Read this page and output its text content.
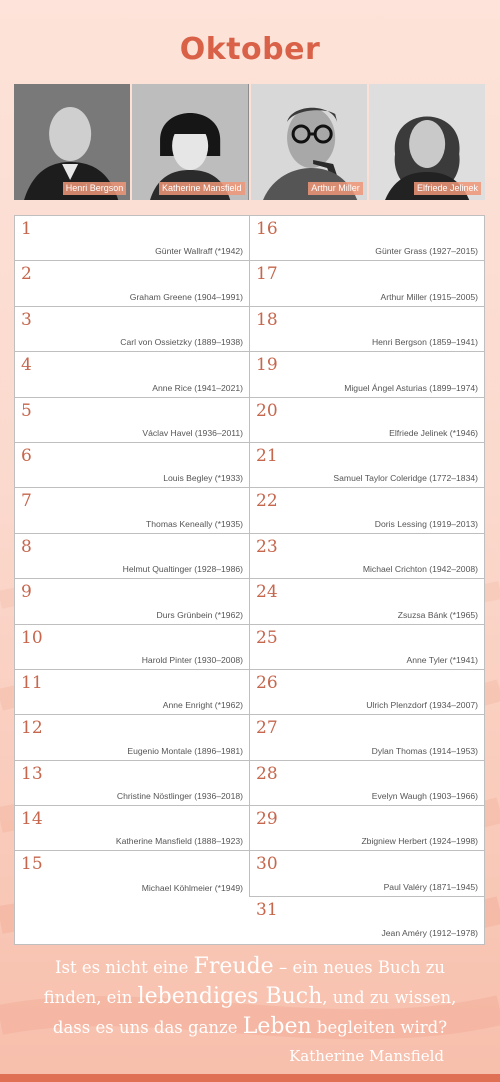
Oktober
Henri Bergson	Katherine Mansfield	Arthur Miller	Elfriede Jelinek
1
Günter Wallraff (*1942)
2
Graham Greene (1904–1991)
3
Carl von Ossietzky (1889–1938)
4
Anne Rice (1941–2021)
5
Václav Havel (1936–2011)
6
Louis Begley (*1933)
7
Thomas Keneally (*1935)
8
Helmut Qualtinger (1928–1986)
9
Durs Grünbein (*1962)
10
Harold Pinter (1930–2008)
11
Anne Enright (*1962)
12
Eugenio Montale (1896–1981)
13
Christine Nöstlinger (1936–2018)
14
Katherine Mansfield (1888–1923)
15
Michael Köhlmeier (*1949)
16
Günter Grass (1927–2015)
17
Arthur Miller (1915–2005)
18
Henri Bergson (1859–1941)
19
Miguel Ángel Asturias (1899–1974)
20
Elfriede Jelinek (*1946)
21
Samuel Taylor Coleridge (1772–1834)
22
Doris Lessing (1919–2013)
23
Michael Crichton (1942–2008)
24
Zsuzsa Bánk (*1965)
25
Anne Tyler (*1941)
26
Ulrich Plenzdorf (1934–2007)
27
Dylan Thomas (1914–1953)
28
Evelyn Waugh (1903–1966)
29
Zbigniew Herbert (1924–1998)
30
Paul Valéry (1871–1945)
31
Jean Améry (1912–1978)
Ist es nicht eine Freude – ein neues Buch zu
finden, ein lebendiges Buch, und zu wissen,
dass es uns das ganze Leben begleiten wird?
Katherine Mansfield
